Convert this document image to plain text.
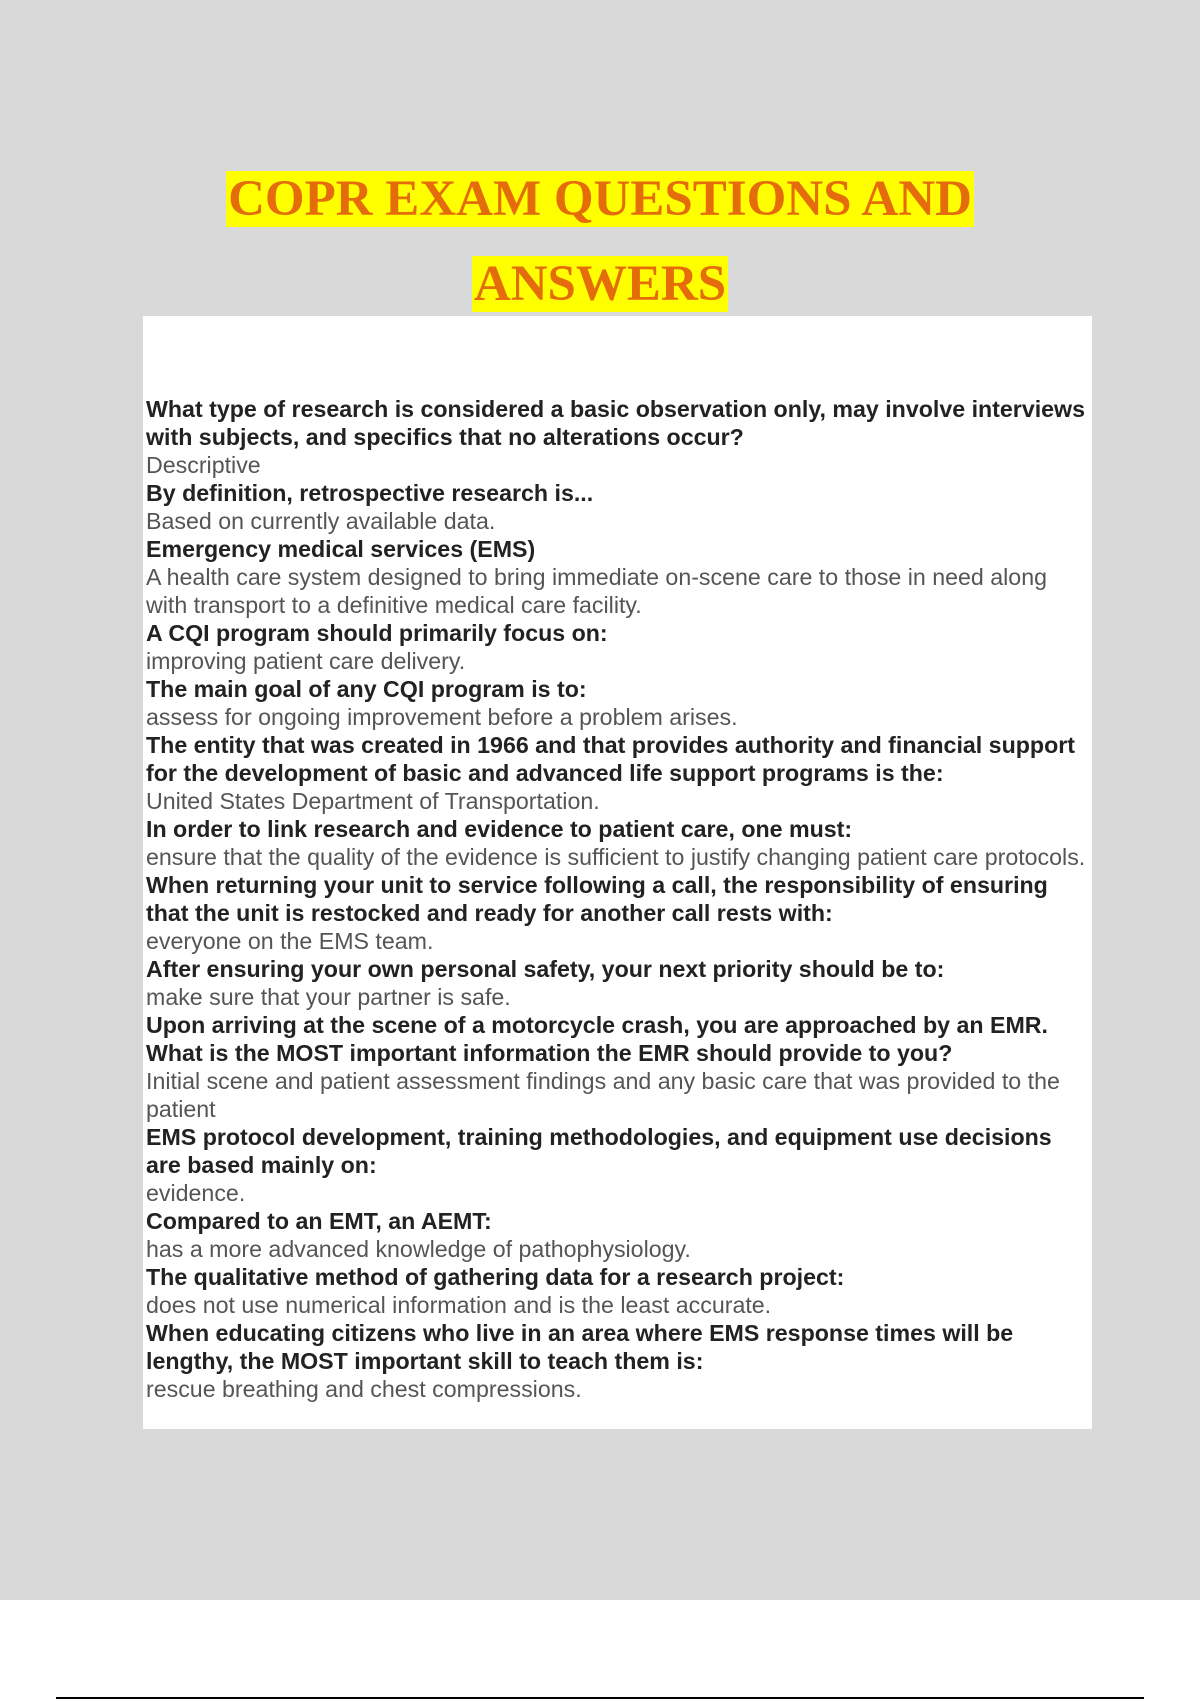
COPR EXAM QUESTIONS AND
ANSWERS

What type of research is considered a basic observation only, may involve interviews with subjects, and specifics that no alterations occur?

Descriptive

By definition, retrospective research is...

Based on currently available data.

Emergency medical services (EMS)

A health care system designed to bring immediate on-scene care to those in need along with transport to a definitive medical care facility.

A CQI program should primarily focus on:

improving patient care delivery.

The main goal of any CQI program is to:

assess for ongoing improvement before a problem arises.

The entity that was created in 1966 and that provides authority and financial support for the development of basic and advanced life support programs is the:

United States Department of Transportation.

In order to link research and evidence to patient care, one must:

ensure that the quality of the evidence is sufficient to justify changing patient care protocols.

When returning your unit to service following a call, the responsibility of ensuring that the unit is restocked and ready for another call rests with:

everyone on the EMS team.

After ensuring your own personal safety, your next priority should be to:

make sure that your partner is safe.

Upon arriving at the scene of a motorcycle crash, you are approached by an EMR. What is the MOST important information the EMR should provide to you?

Initial scene and patient assessment findings and any basic care that was provided to the patient

EMS protocol development, training methodologies, and equipment use decisions are based mainly on:

evidence.

Compared to an EMT, an AEMT:

has a more advanced knowledge of pathophysiology.

The qualitative method of gathering data for a research project:

does not use numerical information and is the least accurate.

When educating citizens who live in an area where EMS response times will be lengthy, the MOST important skill to teach them is:

rescue breathing and chest compressions.
